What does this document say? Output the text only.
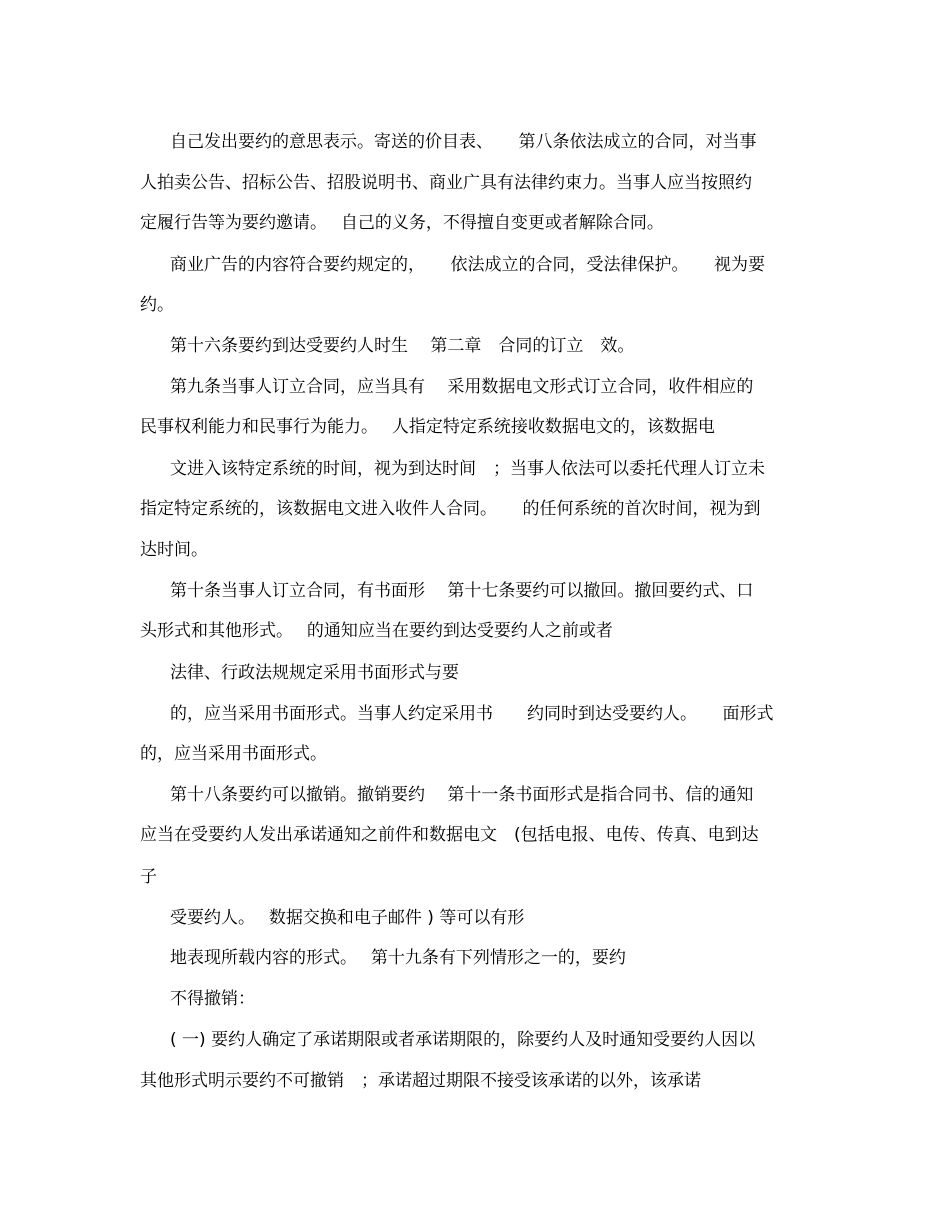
自己发出要约的意思表示。寄送的价目表、　　第八条依法成立的合同，对当事
人拍卖公告、招标公告、招股说明书、商业广具有法律约束力。当事人应当按照约
定履行告等为要约邀请。　 自己的义务，不得擅自变更或者解除合同。
商业广告的内容符合要约规定的，　　依法成立的合同，受法律保护。　　视为要
约。
第十六条要约到达受要约人时生　 第二章　合同的订立　效。
第九条当事人订立合同，应当具有　 采用数据电文形式订立合同，收件相应的
民事权利能力和民事行为能力。　 人指定特定系统接收数据电文的，该数据电
文进入该特定系统的时间，视为到达时间　；当事人依法可以委托代理人订立未
指定特定系统的，该数据电文进入收件人合同。　　的任何系统的首次时间，视为到
达时间。
第十条当事人订立合同，有书面形　 第十七条要约可以撤回。撤回要约式、口
头形式和其他形式。　 的通知应当在要约到达受要约人之前或者
法律、行政法规规定采用书面形式与要
的，应当采用书面形式。当事人约定采用书　　约同时到达受要约人。　　面形式
的，应当采用书面形式。
第十八条要约可以撤销。撤销要约　 第十一条书面形式是指合同书、信的通知
应当在受要约人发出承诺通知之前件和数据电文　(包括电报、电传、传真、电到达
子
受要约人。　 数据交换和电子邮件 ) 等可以有形
地表现所载内容的形式。　 第十九条有下列情形之一的，要约
不得撤销：
( 一) 要约人确定了承诺期限或者承诺期限的，除要约人及时通知受要约人因以
其他形式明示要约不可撤销　；承诺超过期限不接受该承诺的以外，该承诺
